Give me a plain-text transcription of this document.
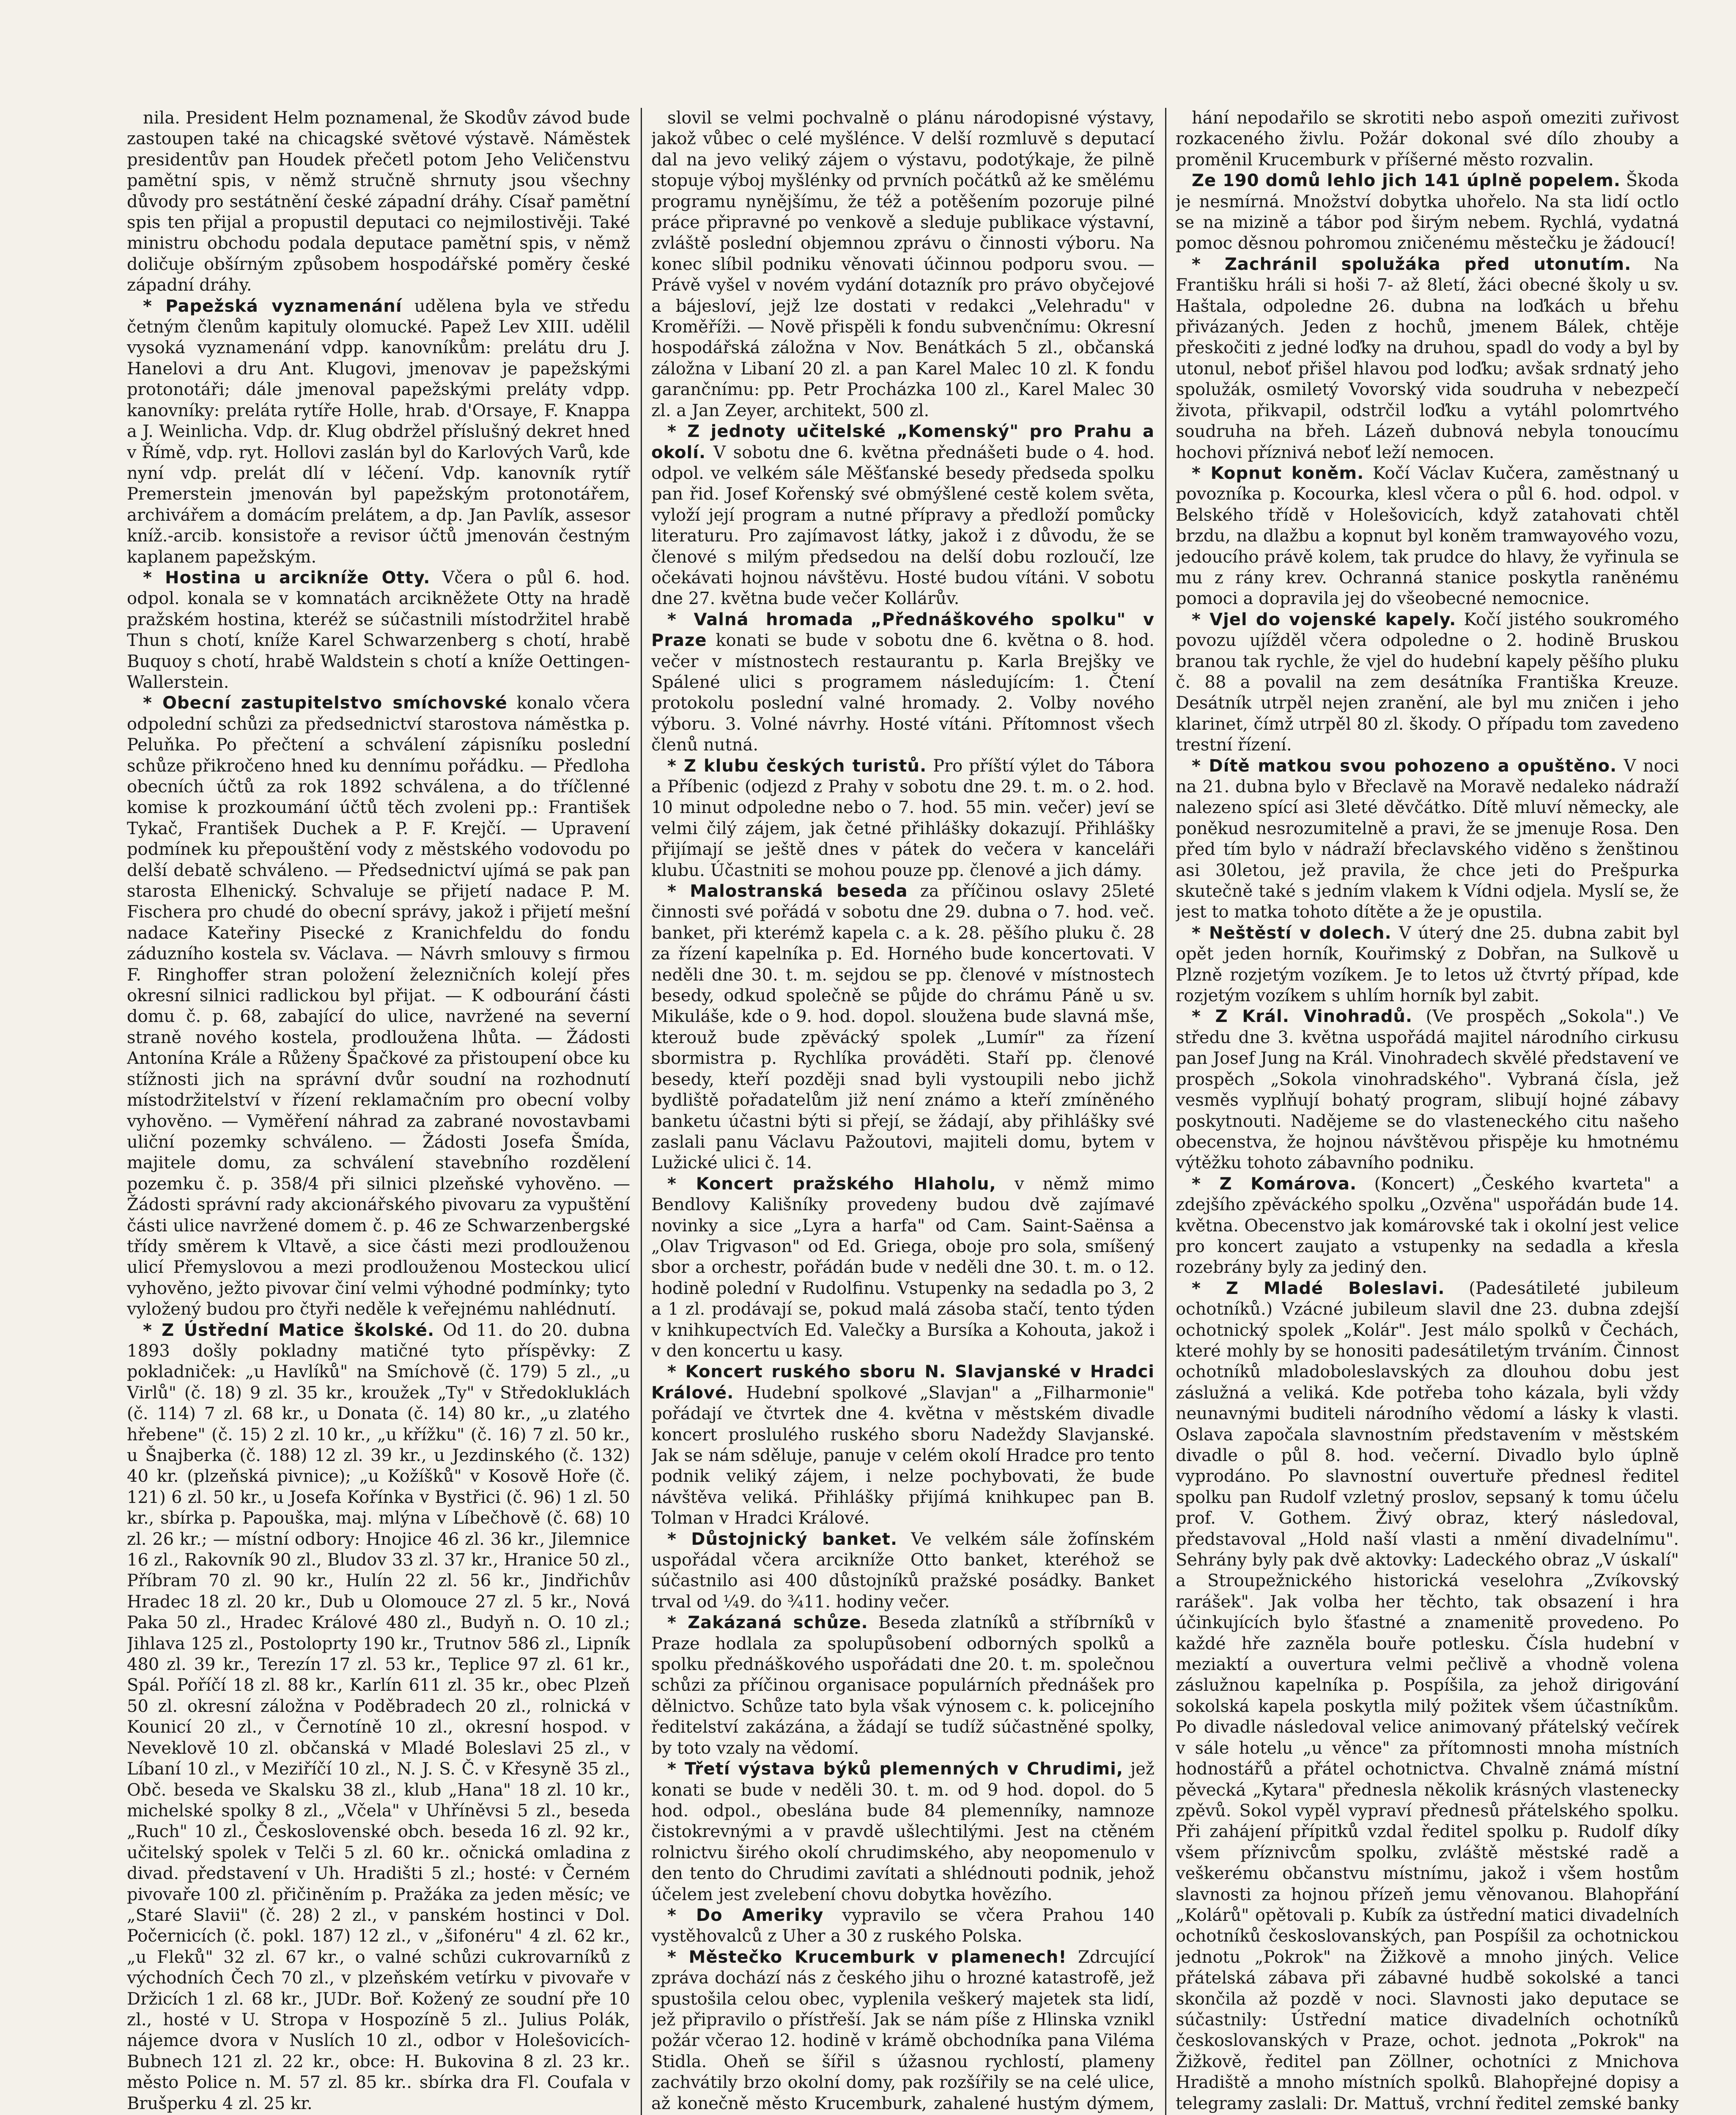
nila. President Helm poznamenal, že Skodův závod bude zastoupen také na chicagské světové výstavě. Náměstek presidentův pan Houdek přečetl potom Jeho Veličenstvu pamětní spis, v němž stručně shrnuty jsou všechny důvody pro sestátnění české západní dráhy. Císař pamětní spis ten přijal a propustil deputaci co nejmilostivěji. Také ministru obchodu podala deputace pamětní spis, v němž doličuje obšírným způsobem hospodářské poměry české západní dráhy.

* Papežská vyznamenání udělena byla ve středu četným členům kapituly olomucké. Papež Lev XIII. udělil vysoká vyznamenání vdpp. kanovníkům: prelátu dru J. Hanelovi a dru Ant. Klugovi, jmenovav je papežskými protonotáři; dále jmenoval papežskými preláty vdpp. kanovníky: preláta rytíře Holle, hrab. d'Orsaye, F. Knappa a J. Weinlicha. Vdp. dr. Klug obdržel příslušný dekret hned v Římě, vdp. ryt. Hollovi zaslán byl do Karlových Varů, kde nyní vdp. prelát dlí v léčení. Vdp. kanovník rytíř Premerstein jmenován byl papežským protonotářem, archivářem a domácím prelátem, a dp. Jan Pavlík, assesor kníž.-arcib. konsistoře a revisor účtů jmenován čestným kaplanem papežským.

* Hostina u arcikníže Otty. Včera o půl 6. hod. odpol. konala se v komnatách arcikněžete Otty na hradě pražském hostina, kteréž se súčastnili místodržitel hrabě Thun s chotí, kníže Karel Schwarzenberg s chotí, hrabě Buquoy s chotí, hrabě Waldstein s chotí a kníže Oettingen-Wallerstein.

* Obecní zastupitelstvo smíchovské konalo včera odpolední schůzi za předsednictví starostova náměstka p. Peluňka. Po přečtení a schválení zápisníku poslední schůze přikročeno hned ku dennímu pořádku. — Předloha obecních účtů za rok 1892 schválena, a do tříčlenné komise k prozkoumání účtů těch zvoleni pp.: František Tykač, František Duchek a P. F. Krejčí. — Upravení podmínek ku přepouštění vody z městského vodovodu po delší debatě schváleno. — Předsednictví ujímá se pak pan starosta Elhenický. Schvaluje se přijetí nadace P. M. Fischera pro chudé do obecní správy, jakož i přijetí mešní nadace Kateřiny Pisecké z Kranichfeldu do fondu záduzního kostela sv. Václava. — Návrh smlouvy s firmou F. Ringhoffer stran položení železničních kolejí přes okresní silnici radlickou byl přijat. — K odbourání části domu č. p. 68, zabající do ulice, navržené na severní straně nového kostela, prodloužena lhůta. — Žádosti Antonína Krále a Růženy Špačkové za přistoupení obce ku stížnosti jich na správní dvůr soudní na rozhodnutí místodržitelství v řízení reklamačním pro obecní volby vyhověno. — Vyměření náhrad za zabrané novostavbami uliční pozemky schváleno. — Žádosti Josefa Šmída, majitele domu, za schválení stavebního rozdělení pozemku č. p. 358/4 při silnici plzeňské vyhověno. — Žádosti správní rady akcionářského pivovaru za vypuštění části ulice navržené domem č. p. 46 ze Schwarzenbergské třídy směrem k Vltavě, a sice části mezi prodlouženou ulicí Přemyslovou a mezi prodlouženou Mosteckou ulicí vyhověno, ježto pivovar činí velmi výhodné podmínky; tyto vyložený budou pro čtyři neděle k veřejnému nahlédnutí.

* Z Ústřední Matice školské. Od 11. do 20. dubna 1893 došly pokladny matičné tyto příspěvky: Z pokladniček: „u Havlíků" na Smíchově (č. 179) 5 zl., „u Virlů" (č. 18) 9 zl. 35 kr., kroužek „Ty" v Středokluklách (č. 114) 7 zl. 68 kr., u Donata (č. 14) 80 kr., „u zlatého hřebene" (č. 15) 2 zl. 10 kr., „u křížku" (č. 16) 7 zl. 50 kr., u Šnajberka (č. 188) 12 zl. 39 kr., u Jezdinského (č. 132) 40 kr. (plzeňská pivnice); „u Kožíšků" v Kosově Hoře (č. 121) 6 zl. 50 kr., u Josefa Kořínka v Bystřici (č. 96) 1 zl. 50 kr., sbírka p. Papouška, maj. mlýna v Líbečhově (č. 68) 10 zl. 26 kr.; — místní odbory: Hnojice 46 zl. 36 kr., Jilemnice 16 zl., Rakovník 90 zl., Bludov 33 zl. 37 kr., Hranice 50 zl., Příbram 70 zl. 90 kr., Hulín 22 zl. 56 kr., Jindřichův Hradec 18 zl. 20 kr., Dub u Olomouce 27 zl. 5 kr., Nová Paka 50 zl., Hradec Králové 480 zl., Budyň n. O. 10 zl.; Jihlava 125 zl., Postoloprty 190 kr., Trutnov 586 zl., Lipník 480 zl. 39 kr., Terezín 17 zl. 53 kr., Teplice 97 zl. 61 kr., Spál. Poříčí 18 zl. 88 kr., Karlín 611 zl. 35 kr., obec Plzeň 50 zl. okresní záložna v Poděbradech 20 zl., rolnická v Kounicí 20 zl., v Černotíně 10 zl., okresní hospod. v Neveklově 10 zl. občanská v Mladé Boleslavi 25 zl., v Líbaní 10 zl., v Meziříčí 10 zl., N. J. S. Č. v Křesyně 35 zl., Obč. beseda ve Skalsku 38 zl., klub „Hana" 18 zl. 10 kr., michelské spolky 8 zl., „Včela" v Uhříněvsi 5 zl., beseda „Ruch" 10 zl., Československé obch. beseda 16 zl. 92 kr., učitelský spolek v Telči 5 zl. 60 kr.. očnická omladina z divad. představení v Uh. Hradišti 5 zl.; hosté: v Černém pivovaře 100 zl. přičiněním p. Pražáka za jeden měsíc; ve „Staré Slavii" (č. 28) 2 zl., v panském hostinci v Dol. Počernicích (č. pokl. 187) 12 zl., v „šifonéru" 4 zl. 62 kr., „u Fleků" 32 zl. 67 kr., o valné schůzi cukrovarníků z východních Čech 70 zl., v plzeňském vetírku v pivovaře v Držicích 1 zl. 68 kr., JUDr. Boř. Kožený ze soudní pře 10 zl., hosté v U. Stropa v Hospozíně 5 zl.. Julius Polák, nájemce dvora v Nuslích 10 zl., odbor v Holešovicích-Bubnech 121 zl. 22 kr., obce: H. Bukovina 8 zl. 23 kr.. město Police n. M. 57 zl. 85 kr.. sbírka dra Fl. Coufala v Brušperku 4 zl. 25 kr.

slovil se velmi pochvalně o plánu národopisné výstavy, jakož vůbec o celé myšlénce. V delší rozmluvě s deputací dal na jevo veliký zájem o výstavu, podotýkaje, že pilně stopuje výboj myšlénky od prvních počátků až ke smělému programu nynějšímu, že též a potěšením pozoruje pilné práce připravné po venkově a sleduje publikace výstavní, zvláště poslední objemnou zprávu o činnosti výboru. Na konec slíbil podniku věnovati účinnou podporu svou. — Právě vyšel v novém vydání dotazník pro právo obyčejové a bájesloví, jejž lze dostati v redakci „Velehradu" v Kroměříži. — Nově přispěli k fondu subvenčnímu: Okresní hospodářská záložna v Nov. Benátkách 5 zl., občanská záložna v Libaní 20 zl. a pan Karel Malec 10 zl. K fondu garančnímu: pp. Petr Procházka 100 zl., Karel Malec 30 zl. a Jan Zeyer, architekt, 500 zl.

* Z jednoty učitelské „Komenský" pro Prahu a okolí. V sobotu dne 6. května přednášeti bude o 4. hod. odpol. ve velkém sále Měšťanské besedy předseda spolku pan řid. Josef Kořenský své obmýšlené cestě kolem světa, vyloží její program a nutné přípravy a předloží pomůcky literaturu. Pro zajímavost látky, jakož i z důvodu, že se členové s milým předsedou na delší dobu rozloučí, lze očekávati hojnou návštěvu. Hosté budou vítáni. V sobotu dne 27. května bude večer Kollárův.

* Valná hromada „Přednáškového spolku" v Praze konati se bude v sobotu dne 6. května o 8. hod. večer v místnostech restaurantu p. Karla Brejšky ve Spálené ulici s programem následujícím: 1. Čtení protokolu poslední valné hromady. 2. Volby nového výboru. 3. Volné návrhy. Hosté vítáni. Přítomnost všech členů nutná.

* Z klubu českých turistů. Pro příští výlet do Tábora a Příbenic (odjezd z Prahy v sobotu dne 29. t. m. o 2. hod. 10 minut odpoledne nebo o 7. hod. 55 min. večer) jeví se velmi čilý zájem, jak četné přihlášky dokazují. Přihlášky přijímají se ještě dnes v pátek do večera v kanceláři klubu. Účastniti se mohou pouze pp. členové a jich dámy.

* Malostranská beseda za příčinou oslavy 25leté činnosti své pořádá v sobotu dne 29. dubna o 7. hod. več. banket, při kterémž kapela c. a k. 28. pěšího pluku č. 28 za řízení kapelníka p. Ed. Horného bude koncertovati. V neděli dne 30. t. m. sejdou se pp. členové v místnostech besedy, odkud společně se půjde do chrámu Páně u sv. Mikuláše, kde o 9. hod. dopol. sloužena bude slavná mše, kterouž bude zpěvácký spolek „Lumír" za řízení sbormistra p. Rychlíka prováděti. Staří pp. členové besedy, kteří později snad byli vystoupili nebo jichž bydliště pořadatelům již není známo a kteří zmíněného banketu účastni býti si přejí, se žádají, aby přihlášky své zaslali panu Václavu Pažoutovi, majiteli domu, bytem v Lužické ulici č. 14.

* Koncert pražského Hlaholu, v němž mimo Bendlovy Kališníky provedeny budou dvě zajímavé novinky a sice „Lyra a harfa" od Cam. Saint-Saënsa a „Olav Trigvason" od Ed. Griega, oboje pro sola, smíšený sbor a orchestr, pořádán bude v neděli dne 30. t. m. o 12. hodině polední v Rudolfinu. Vstupenky na sedadla po 3, 2 a 1 zl. prodávají se, pokud malá zásoba stačí, tento týden v knihkupectvích Ed. Valečky a Bursíka a Kohouta, jakož i v den koncertu u kasy.

* Koncert ruského sboru N. Slavjanské v Hradci Králové. Hudební spolkové „Slavjan" a „Filharmonie" pořádají ve čtvrtek dne 4. května v městském divadle koncert proslulého ruského sboru Nadeždy Slavjanské. Jak se nám sděluje, panuje v celém okolí Hradce pro tento podnik veliký zájem, i nelze pochybovati, že bude návštěva veliká. Přihlášky přijímá knihkupec pan B. Tolman v Hradci Králové.

* Důstojnický banket. Ve velkém sále žofínském uspořádal včera arcikníže Otto banket, kteréhož se súčastnilo asi 400 důstojníků pražské posádky. Banket trval od ¼9. do ¾11. hodiny večer.

* Zakázaná schůze. Beseda zlatníků a stříbrníků v Praze hodlala za spolupůsobení odborných spolků a spolku přednáškového uspořádati dne 20. t. m. společnou schůzi za příčinou organisace populárních přednášek pro dělnictvo. Schůze tato byla však výnosem c. k. policejního ředitelství zakázána, a žádají se tudíž súčastněné spolky, by toto vzaly na vědomí.

* Třetí výstava býků plemenných v Chrudimi, jež konati se bude v neděli 30. t. m. od 9 hod. dopol. do 5 hod. odpol., obeslána bude 84 plemenníky, namnoze čistokrevnými a v pravdě ušlechtilými. Jest na ctěném rolnictvu širého okolí chrudimského, aby neopomenulo v den tento do Chrudimi zavítati a shlédnouti podnik, jehož účelem jest zvelebení chovu dobytka hovězího.

* Do Ameriky vypravilo se včera Prahou 140 vystěhovalců z Uher a 30 z ruského Polska.

* Městečko Krucemburk v plamenech! Zdrcující zpráva dochází nás z českého jihu o hrozné katastrofě, jež spustošila celou obec, vyplenila veškerý majetek sta lidí, jež připravilo o přístřeší. Jak se nám píše z Hlinska vznikl požár včerao 12. hodině v krámě obchodníka pana Viléma Stidla. Oheň se šířil s úžasnou rychlostí, plameny zachvátily brzo okolní domy, pak rozšířily se na celé ulice, až konečně město Krucemburk, zahalené hustým dýmem,

hání nepodařilo se skrotiti nebo aspoň omeziti zuřivost rozkaceného živlu. Požár dokonal své dílo zhouby a proměnil Krucemburk v příšerné město rozvalin.

Ze 190 domů lehlo jich 141 úplně popelem. Škoda je nesmírná. Množství dobytka uhořelo. Na sta lidí octlo se na mizině a tábor pod širým nebem. Rychlá, vydatná pomoc děsnou pohromou zničenému městečku je žádoucí!

* Zachránil spolužáka před utonutím. Na Františku hráli si hoši 7- až 8letí, žáci obecné školy u sv. Haštala, odpoledne 26. dubna na loďkách u břehu přivázaných. Jeden z hochů, jmenem Bálek, chtěje přeskočiti z jedné loďky na druhou, spadl do vody a byl by utonul, neboť přišel hlavou pod loďku; avšak srdnatý jeho spolužák, osmiletý Vovorský vida soudruha v nebezpečí života, přikvapil, odstrčil loďku a vytáhl polomrtvého soudruha na břeh. Lázeň dubnová nebyla tonoucímu hochovi příznivá neboť leží nemocen.

* Kopnut koněm. Kočí Václav Kučera, zaměstnaný u povozníka p. Kocourka, klesl včera o půl 6. hod. odpol. v Belského třídě v Holešovicích, když zatahovati chtěl brzdu, na dlažbu a kopnut byl koněm tramwayového vozu, jedoucího právě kolem, tak prudce do hlavy, že vyřinula se mu z rány krev. Ochranná stanice poskytla raněnému pomoci a dopravila jej do všeobecné nemocnice.

* Vjel do vojenské kapely. Kočí jistého soukromého povozu ujížděl včera odpoledne o 2. hodině Bruskou branou tak rychle, že vjel do hudební kapely pěšího pluku č. 88 a povalil na zem desátníka Františka Kreuze. Desátník utrpěl nejen zranění, ale byl mu zničen i jeho klarinet, čímž utrpěl 80 zl. škody. O případu tom zavedeno trestní řízení.

* Dítě matkou svou pohozeno a opuštěno. V noci na 21. dubna bylo v Břeclavě na Moravě nedaleko nádraží nalezeno spící asi 3leté děvčátko. Dítě mluví německy, ale poněkud nesrozumitelně a pravi, že se jmenuje Rosa. Den před tím bylo v nádraží břeclavského viděno s ženštinou asi 30letou, jež pravila, že chce jeti do Prešpurka skutečně také s jedním vlakem k Vídni odjela. Myslí se, že jest to matka tohoto dítěte a že je opustila.

* Neštěstí v dolech. V úterý dne 25. dubna zabit byl opět jeden horník, Kouřimský z Dobřan, na Sulkově u Plzně rozjetým vozíkem. Je to letos už čtvrtý případ, kde rozjetým vozíkem s uhlím horník byl zabit.

* Z Král. Vinohradů. (Ve prospěch „Sokola".) Ve středu dne 3. května uspořádá majitel národního cirkusu pan Josef Jung na Král. Vinohradech skvělé představení ve prospěch „Sokola vinohradského". Vybraná čísla, jež vesměs vyplňují bohatý program, slibují hojné zábavy poskytnouti. Nadějeme se do vlasteneckého citu našeho obecenstva, že hojnou návštěvou přispěje ku hmotnému výtěžku tohoto zábavního podniku.

* Z Komárova. (Koncert) „Českého kvarteta" a zdejšího zpěváckého spolku „Ozvěna" uspořádán bude 14. května. Obecenstvo jak komárovské tak i okolní jest velice pro koncert zaujato a vstupenky na sedadla a křesla rozebrány byly za jediný den.

* Z Mladé Boleslavi. (Padesátileté jubileum ochotníků.) Vzácné jubileum slavil dne 23. dubna zdejší ochotnický spolek „Kolár". Jest málo spolků v Čechách, které mohly by se honositi padesátiletým trváním. Činnost ochotníků mladoboleslavských za dlouhou dobu jest záslužná a veliká. Kde potřeba toho kázala, byli vždy neunavnými buditeli národního vědomí a lásky k vlasti. Oslava započala slavnostním představením v městském divadle o půl 8. hod. večerní. Divadlo bylo úplně vyprodáno. Po slavnostní ouvertuře přednesl ředitel spolku pan Rudolf vzletný proslov, sepsaný k tomu účelu prof. V. Gothem. Živý obraz, který následoval, představoval „Hold naší vlasti a nmění divadelnímu". Sehrány byly pak dvě aktovky: Ladeckého obraz „V úskalí" a Stroupežnického historická veselohra „Zvíkovský rarášek". Jak volba her těchto, tak obsazení i hra účinkujících bylo šťastné a znamenitě provedeno. Po každé hře zazněla bouře potlesku. Čísla hudební v meziaktí a ouvertura velmi pečlivě a vhodně volena záslužnou kapelníka p. Pospíšila, za jehož dirigování sokolská kapela poskytla milý požitek všem účastníkům. Po divadle následoval velice animovaný přátelský večírek v sále hotelu „u věnce" za přítomnosti mnoha místních hodnostářů a přátel ochotnictva. Chvalně známá místní pěvecká „Kytara" přednesla několik krásných vlastenecky zpěvů. Sokol vypěl vypraví přednesů přátelského spolku. Při zahájení přípitků vzdal ředitel spolku p. Rudolf díky všem příznivcům spolku, zvláště městské radě a veškerému občanstvu místnímu, jakož i všem hostům slavnosti za hojnou přízeň jemu věnovanou. Blahopřání „Kolárů" opětovali p. Kubík za ústřední matici divadelních ochotníků českoslovanských, pan Pospíšil za ochotnickou jednotu „Pokrok" na Žižkově a mnoho jiných. Velice přátelská zábava při zábavné hudbě sokolské a tanci skončila až pozdě v noci. Slavnosti jako deputace se súčastnily: Ústřední matice divadelních ochotníků českoslovanských v Praze, ochot. jednota „Pokrok" na Žižkově, ředitel pan Zöllner, ochotníci z Mnichova Hradiště a mnoho místních spolků. Blahopřejné dopisy a telegramy zaslali: Dr. Mattuš, vrchní ředitel zemské banky
